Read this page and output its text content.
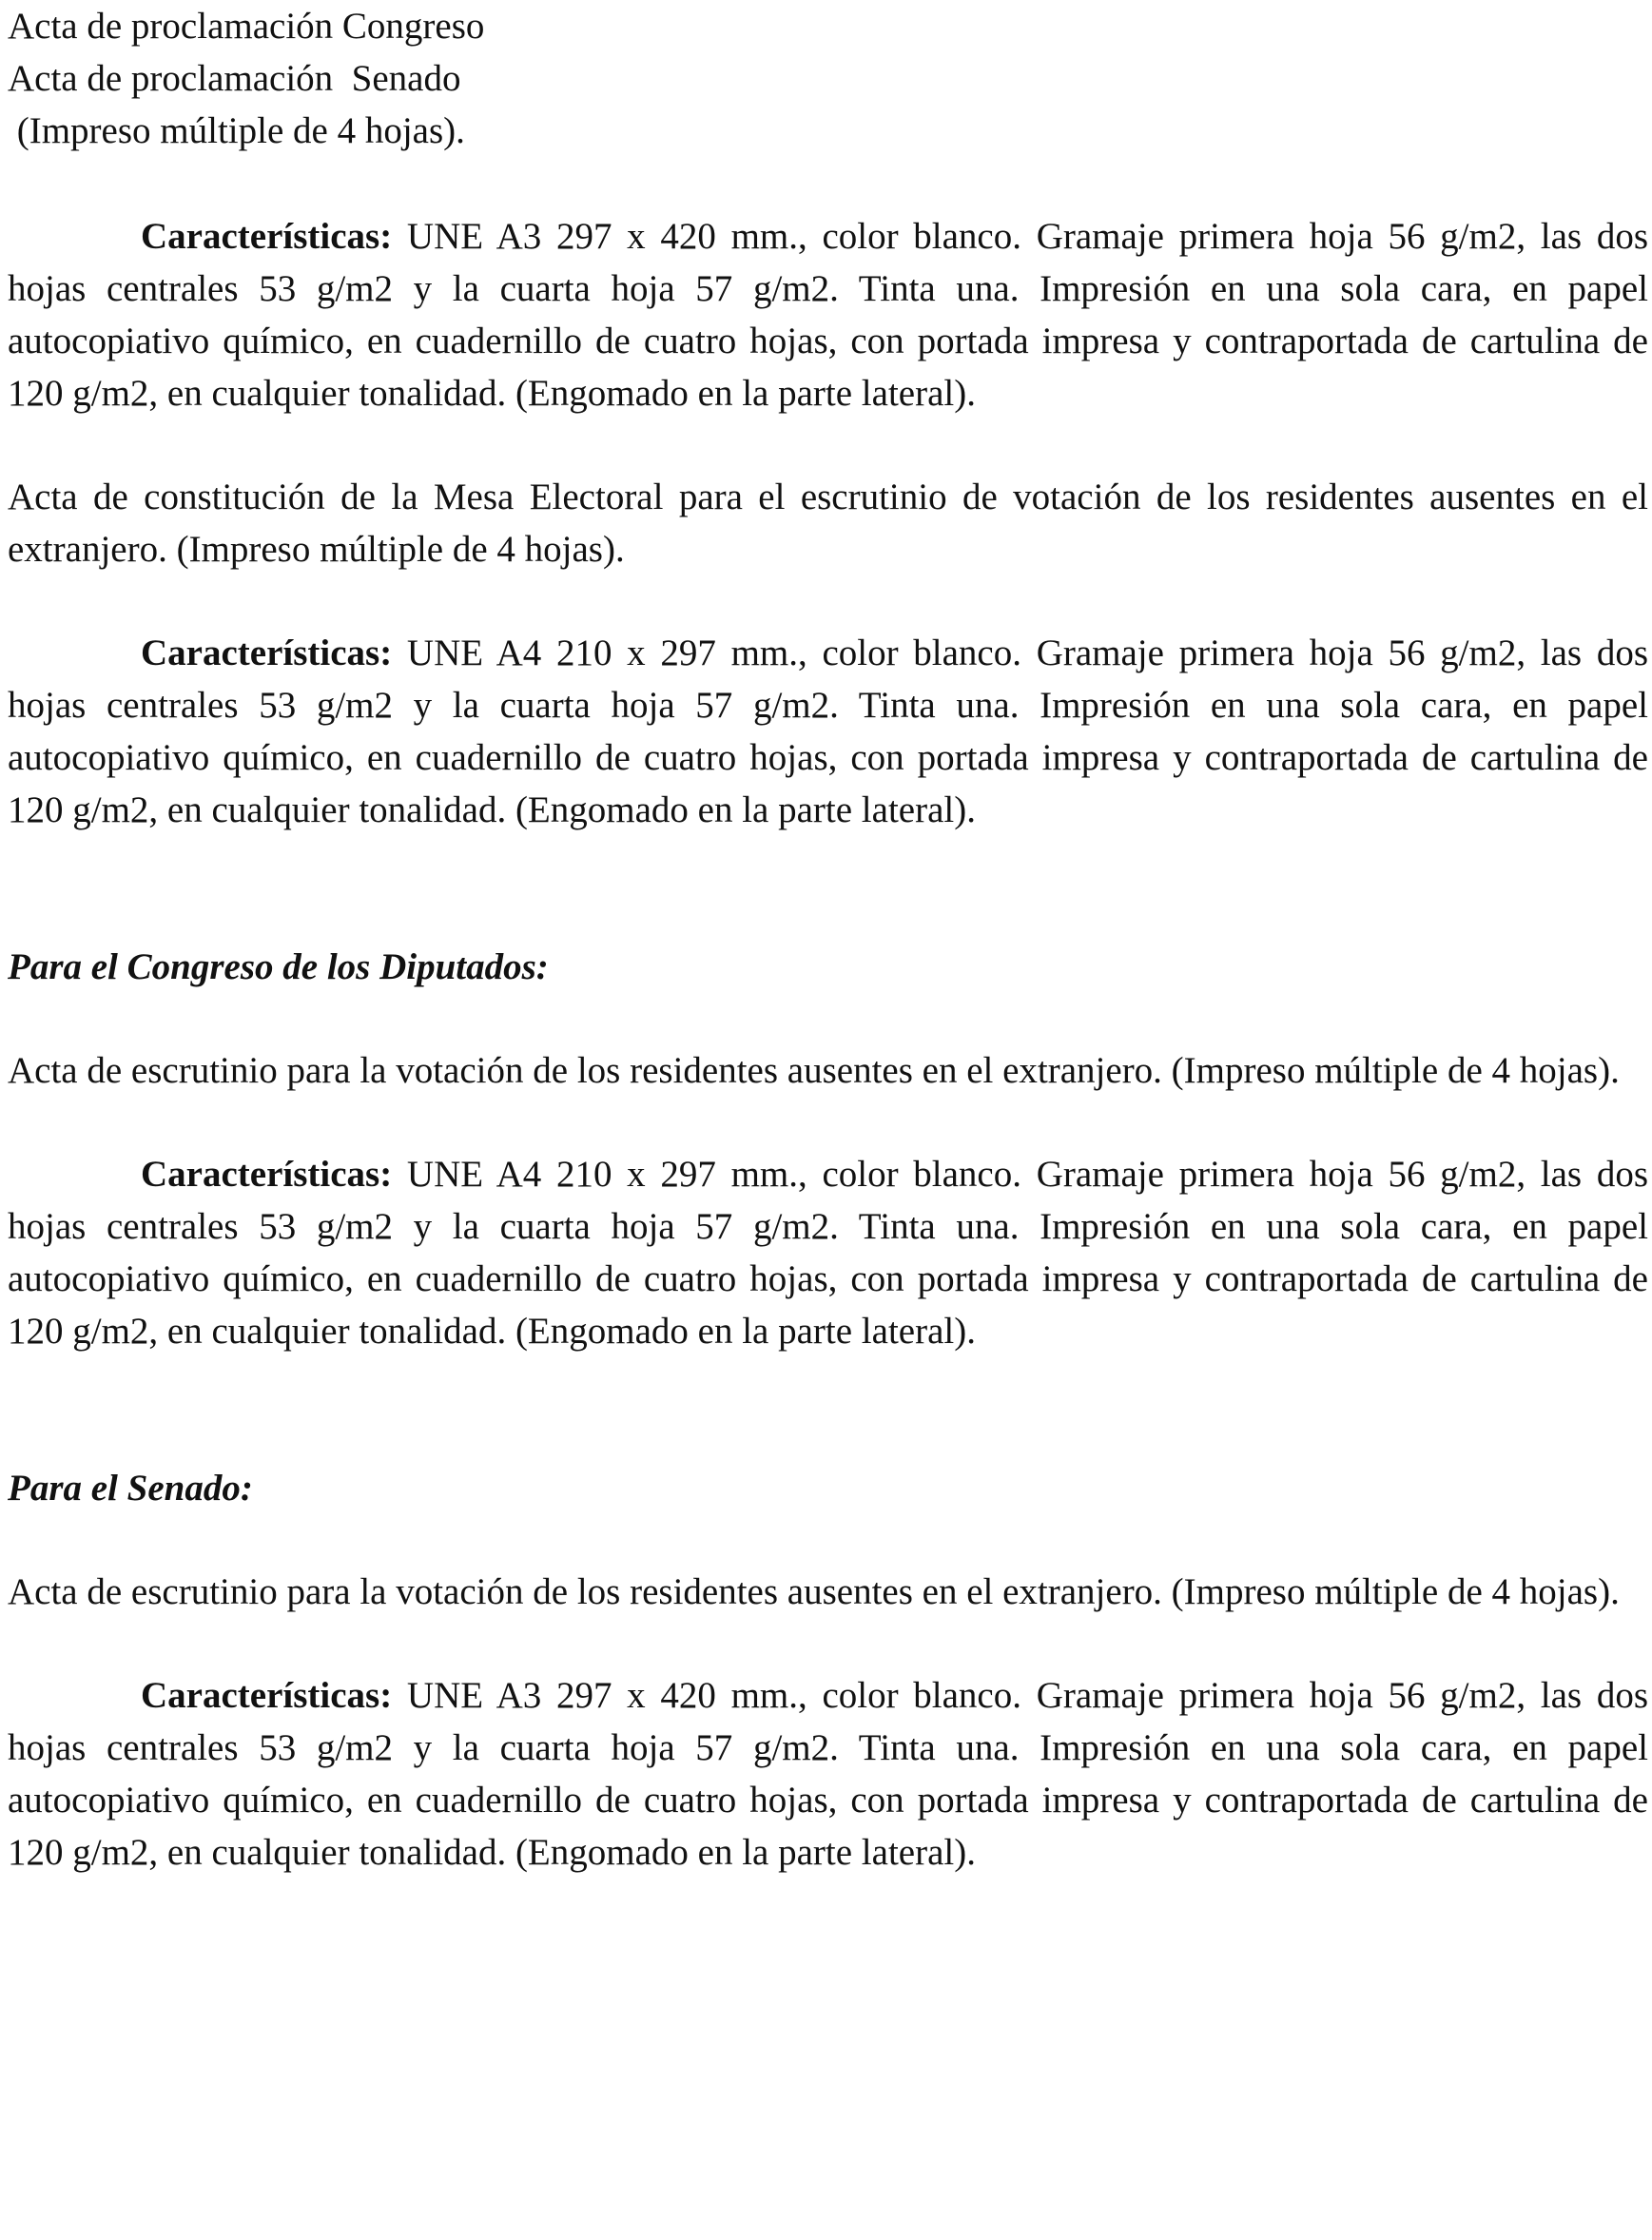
Acta de proclamación Congreso
Acta de proclamación  Senado
(Impreso múltiple de 4 hojas).

Características: UNE A3 297 x 420 mm., color blanco. Gramaje primera hoja 56 g/m2, las dos hojas centrales 53 g/m2 y la cuarta hoja 57 g/m2. Tinta una. Impresión en una sola cara, en papel autocopiativo químico, en cuadernillo de cuatro hojas, con portada impresa y contraportada de cartulina de 120 g/m2, en cualquier tonalidad. (Engomado en la parte lateral).

Acta de constitución de la Mesa Electoral para el escrutinio de votación de los residentes ausentes en el extranjero. (Impreso múltiple de 4 hojas).

Características: UNE A4 210 x 297 mm., color blanco. Gramaje primera hoja 56 g/m2, las dos hojas centrales 53 g/m2 y la cuarta hoja 57 g/m2. Tinta una. Impresión en una sola cara, en papel autocopiativo químico, en cuadernillo de cuatro hojas, con portada impresa y contraportada de cartulina de 120 g/m2, en cualquier tonalidad. (Engomado en la parte lateral).

Para el Congreso de los Diputados:

Acta de escrutinio para la votación de los residentes ausentes en el extranjero. (Impreso múltiple de 4 hojas).

Características: UNE A4 210 x 297 mm., color blanco. Gramaje primera hoja 56 g/m2, las dos hojas centrales 53 g/m2 y la cuarta hoja 57 g/m2. Tinta una. Impresión en una sola cara, en papel autocopiativo químico, en cuadernillo de cuatro hojas, con portada impresa y contraportada de cartulina de 120 g/m2, en cualquier tonalidad. (Engomado en la parte lateral).

Para el Senado:

Acta de escrutinio para la votación de los residentes ausentes en el extranjero. (Impreso múltiple de 4 hojas).

Características: UNE A3 297 x 420 mm., color blanco. Gramaje primera hoja 56 g/m2, las dos hojas centrales 53 g/m2 y la cuarta hoja 57 g/m2. Tinta una. Impresión en una sola cara, en papel autocopiativo químico, en cuadernillo de cuatro hojas, con portada impresa y contraportada de cartulina de 120 g/m2, en cualquier tonalidad. (Engomado en la parte lateral).
